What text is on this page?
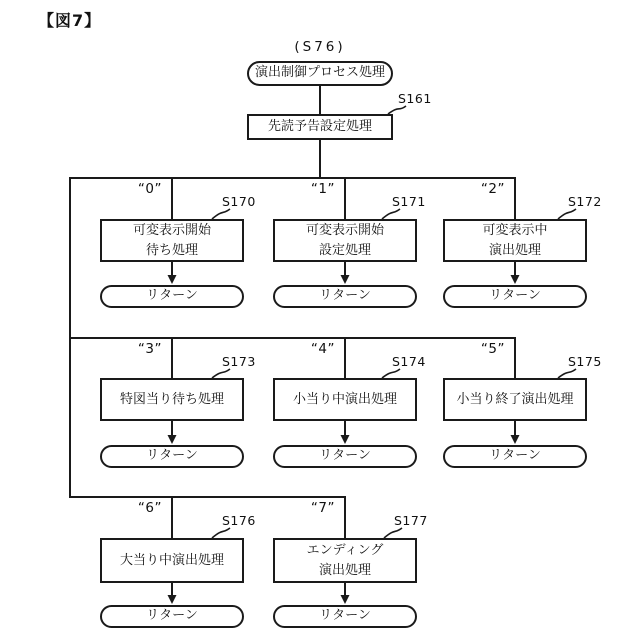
【図7】
(S76)
演出制御プロセス処理
S161
先読予告設定処理
“0”
S170
可変表示開始
待ち処理
リターン
“1”
S171
可変表示開始
設定処理
リターン
“2”
S172
可変表示中
演出処理
リターン
“3”
S173
特図当り待ち処理
リターン
“4”
S174
小当り中演出処理
リターン
“5”
S175
小当り終了演出処理
リターン
“6”
S176
大当り中演出処理
リターン
“7”
S177
エンディング
演出処理
リターン
